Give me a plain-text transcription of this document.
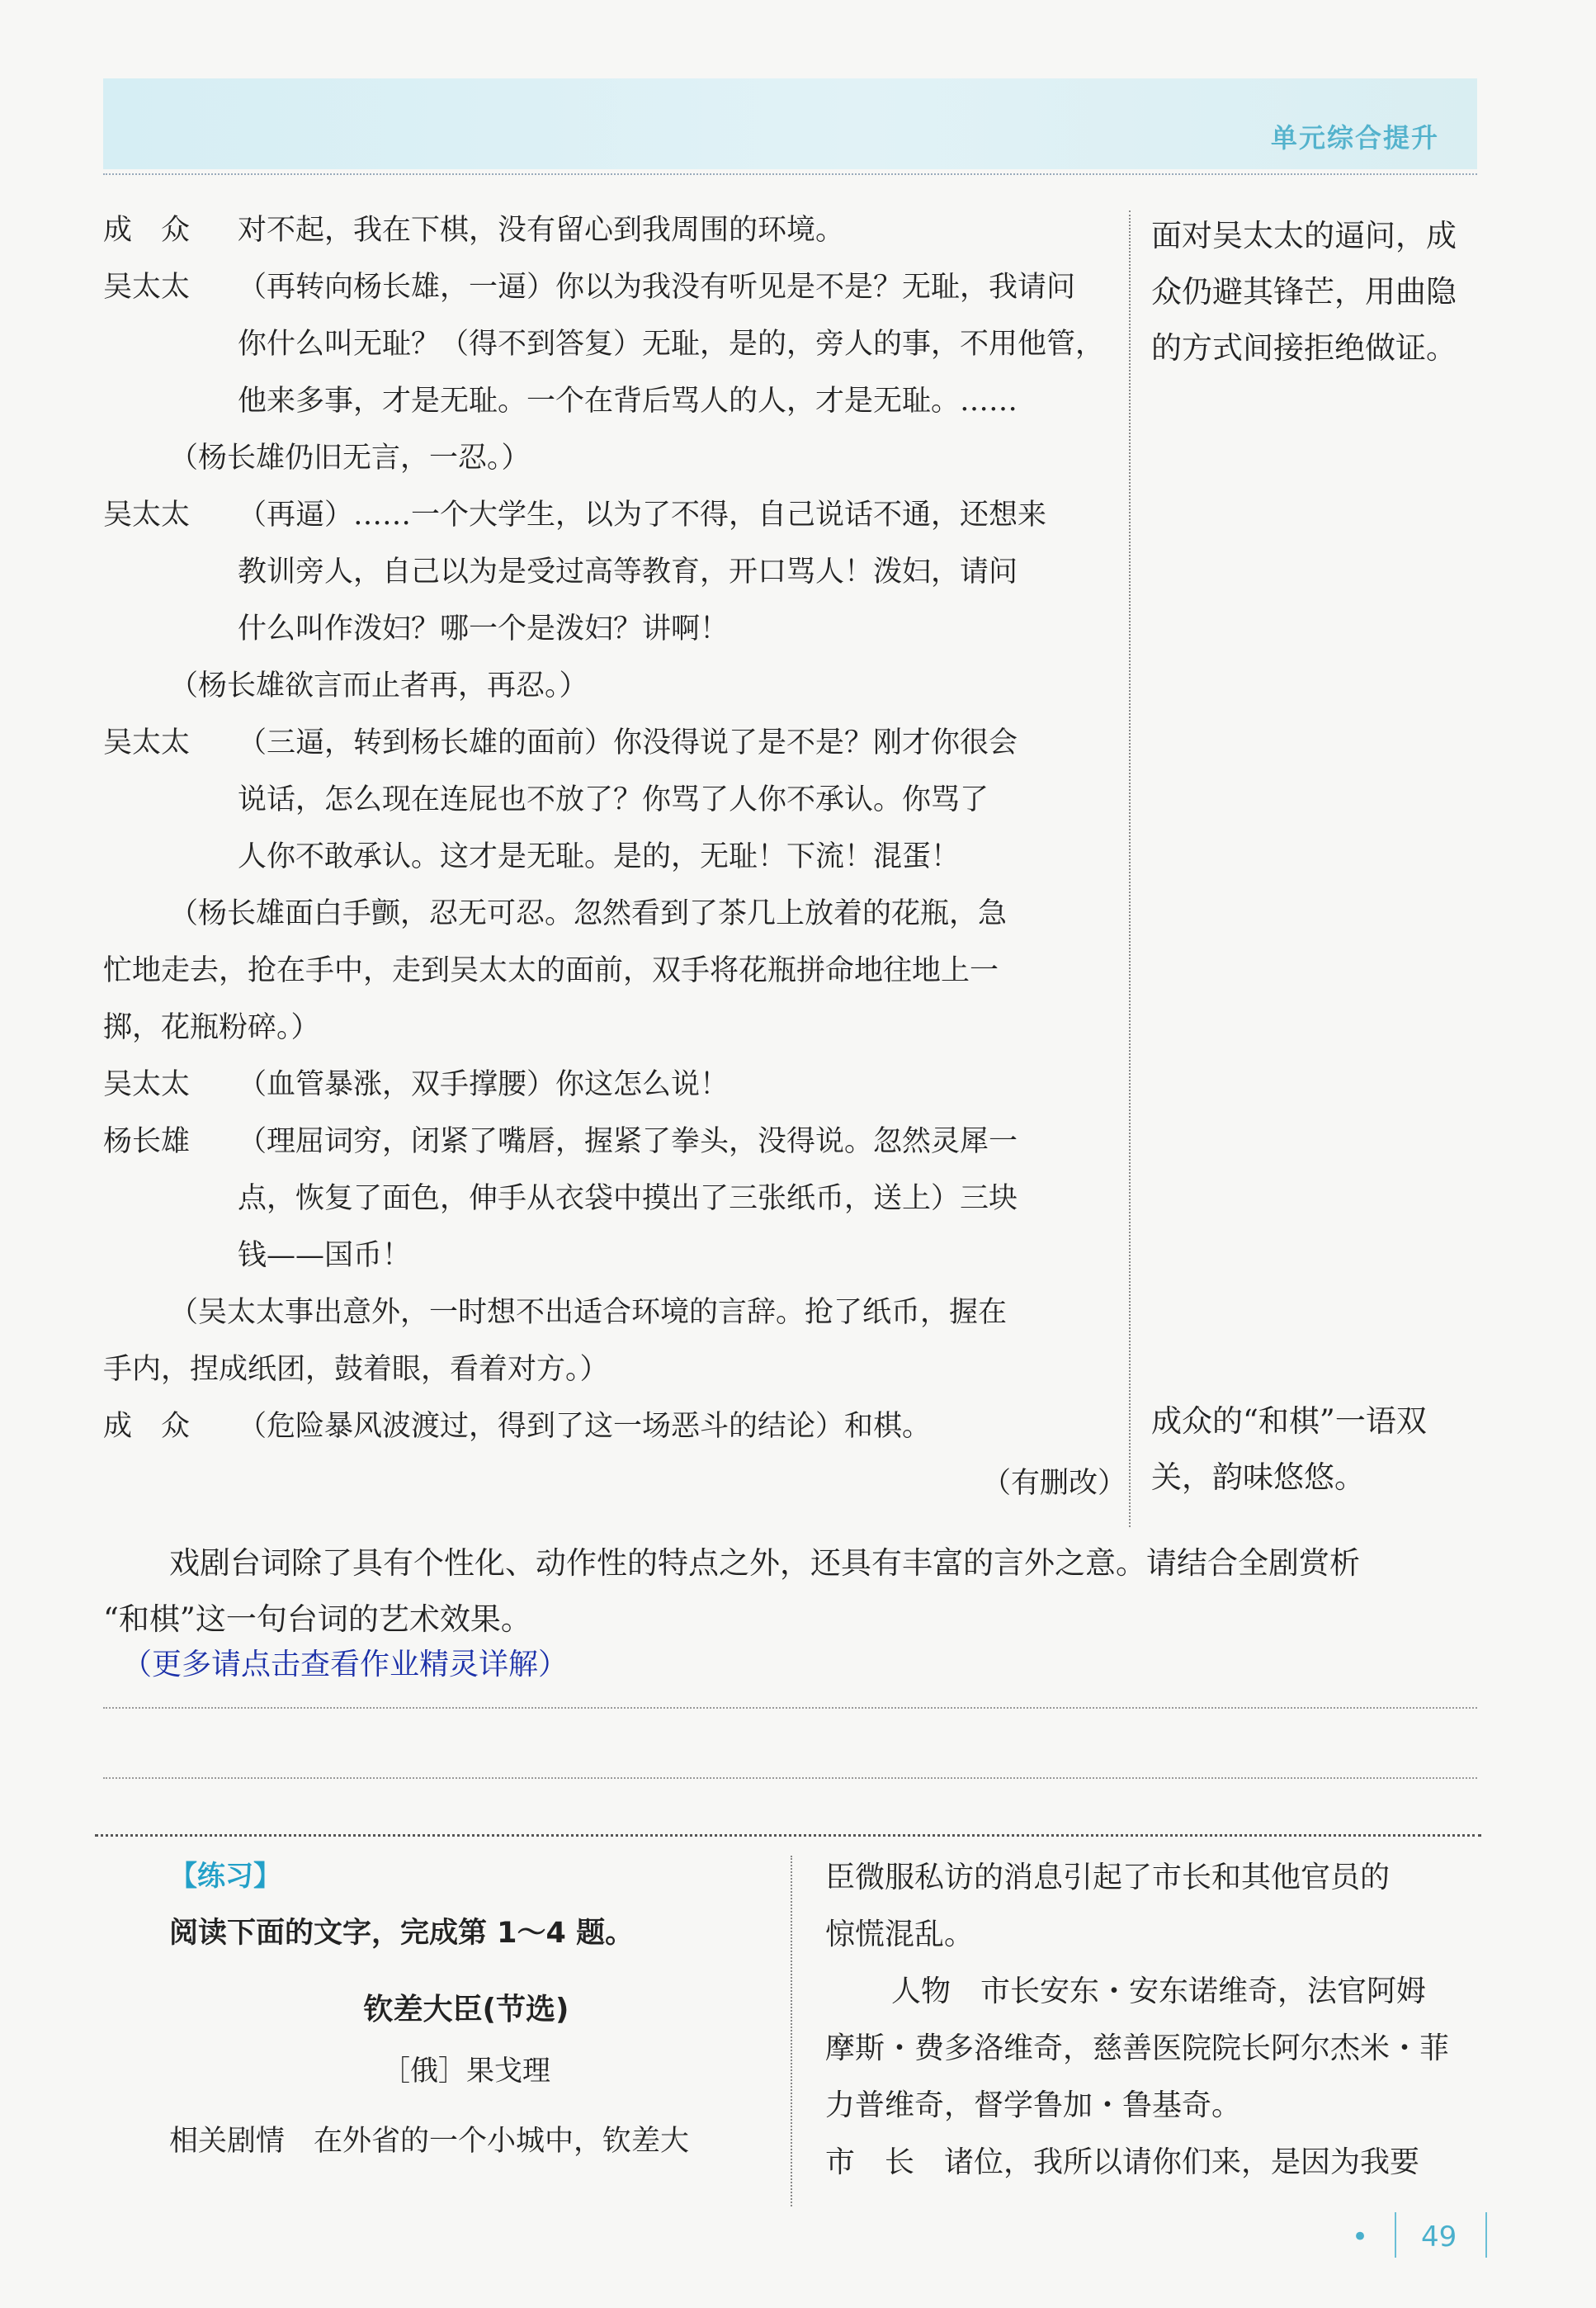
单元综合提升
成　众 对不起，我在下棋，没有留心到我周围的环境。
吴太太 （再转向杨长雄，一逼）你以为我没有听见是不是？无耻，我请问
你什么叫无耻？（得不到答复）无耻，是的，旁人的事，不用他管，
他来多事，才是无耻。一个在背后骂人的人，才是无耻。……
（杨长雄仍旧无言，一忍。）
吴太太 （再逼）……一个大学生，以为了不得，自己说话不通，还想来
教训旁人，自己以为是受过高等教育，开口骂人！泼妇，请问
什么叫作泼妇？哪一个是泼妇？讲啊！
（杨长雄欲言而止者再，再忍。）
吴太太 （三逼，转到杨长雄的面前）你没得说了是不是？刚才你很会
说话，怎么现在连屁也不放了？你骂了人你不承认。你骂了
人你不敢承认。这才是无耻。是的，无耻！下流！混蛋！
（杨长雄面白手颤，忍无可忍。忽然看到了茶几上放着的花瓶，急
忙地走去，抢在手中，走到吴太太的面前，双手将花瓶拼命地往地上一
掷，花瓶粉碎。）
吴太太 （血管暴涨，双手撑腰）你这怎么说！
杨长雄 （理屈词穷，闭紧了嘴唇，握紧了拳头，没得说。忽然灵犀一
点，恢复了面色，伸手从衣袋中摸出了三张纸币，送上）三块
钱——国币！
（吴太太事出意外，一时想不出适合环境的言辞。抢了纸币，握在
手内，捏成纸团，鼓着眼，看着对方。）
成　众 （危险暴风波渡过，得到了这一场恶斗的结论）和棋。
（有删改）
面对吴太太的逼问，成
众仍避其锋芒，用曲隐
的方式间接拒绝做证。
成众的“和棋”一语双
关，韵味悠悠。

戏剧台词除了具有个性化、动作性的特点之外，还具有丰富的言外之意。请结合全剧赏析

“和棋”这一句台词的艺术效果。

（更多请点击查看作业精灵详解）
【练习】
阅读下面的文字，完成第 1～4 题。
钦差大臣(节选)
［俄］果戈理
相关剧情　在外省的一个小城中，钦差大

臣微服私访的消息引起了市长和其他官员的

惊慌混乱。

人物　市长安东・安东诺维奇，法官阿姆

摩斯・费多洛维奇，慈善医院院长阿尔杰米・菲

力普维奇，督学鲁加・鲁基奇。

市　长　诸位，我所以请你们来，是因为我要

• 49
